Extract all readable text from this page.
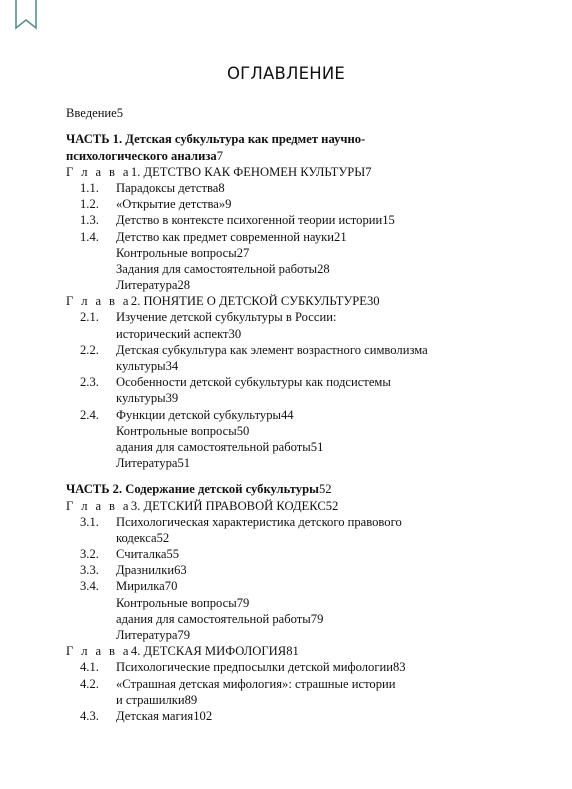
ОГЛАВЛЕНИЕ
Введение 5
ЧАСТЬ 1. Детская субкультура как предмет научно-
психологического анализа 7
Г л а в а 1. ДЕТСТВО КАК ФЕНОМЕН КУЛЬТУРЫ 7
1.1.	Парадоксы детства 8
1.2.	«Открытие детства» 9
1.3.	Детство в контексте психогенной теории истории 15
1.4.	Детство как предмет современной науки 21
Контрольные вопросы 27
Задания для самостоятельной работы 28
Литература 28
Г л а в а 2. ПОНЯТИЕ О ДЕТСКОЙ СУБКУЛЬТУРЕ 30
2.1.	Изучение детской субкультуры в России:
исторический аспект 30
2.2.	Детская субкультура как элемент возрастного символизма
культуры 34
2.3.	Особенности детской субкультуры как подсистемы
культуры 39
2.4.	Функции детской субкультуры 44
Контрольные вопросы 50
адания для самостоятельной работы 51
Литература 51
ЧАСТЬ 2. Содержание детской субкультуры 52
Г л а в а 3. ДЕТСКИЙ ПРАВОВОЙ КОДЕКС 52
3.1.	Психологическая характеристика детского правового
кодекса 52
3.2.	Считалка 55
3.3.	Дразнилки 63
3.4.	Мирилка 70
Контрольные вопросы 79
адания для самостоятельной работы 79
Литература 79
Г л а в а 4. ДЕТСКАЯ МИФОЛОГИЯ 81
4.1.	Психологические предпосылки детской мифологии 83
4.2.	«Страшная детская мифология»: страшные истории
и страшилки 89
4.3.	Детская магия 102
